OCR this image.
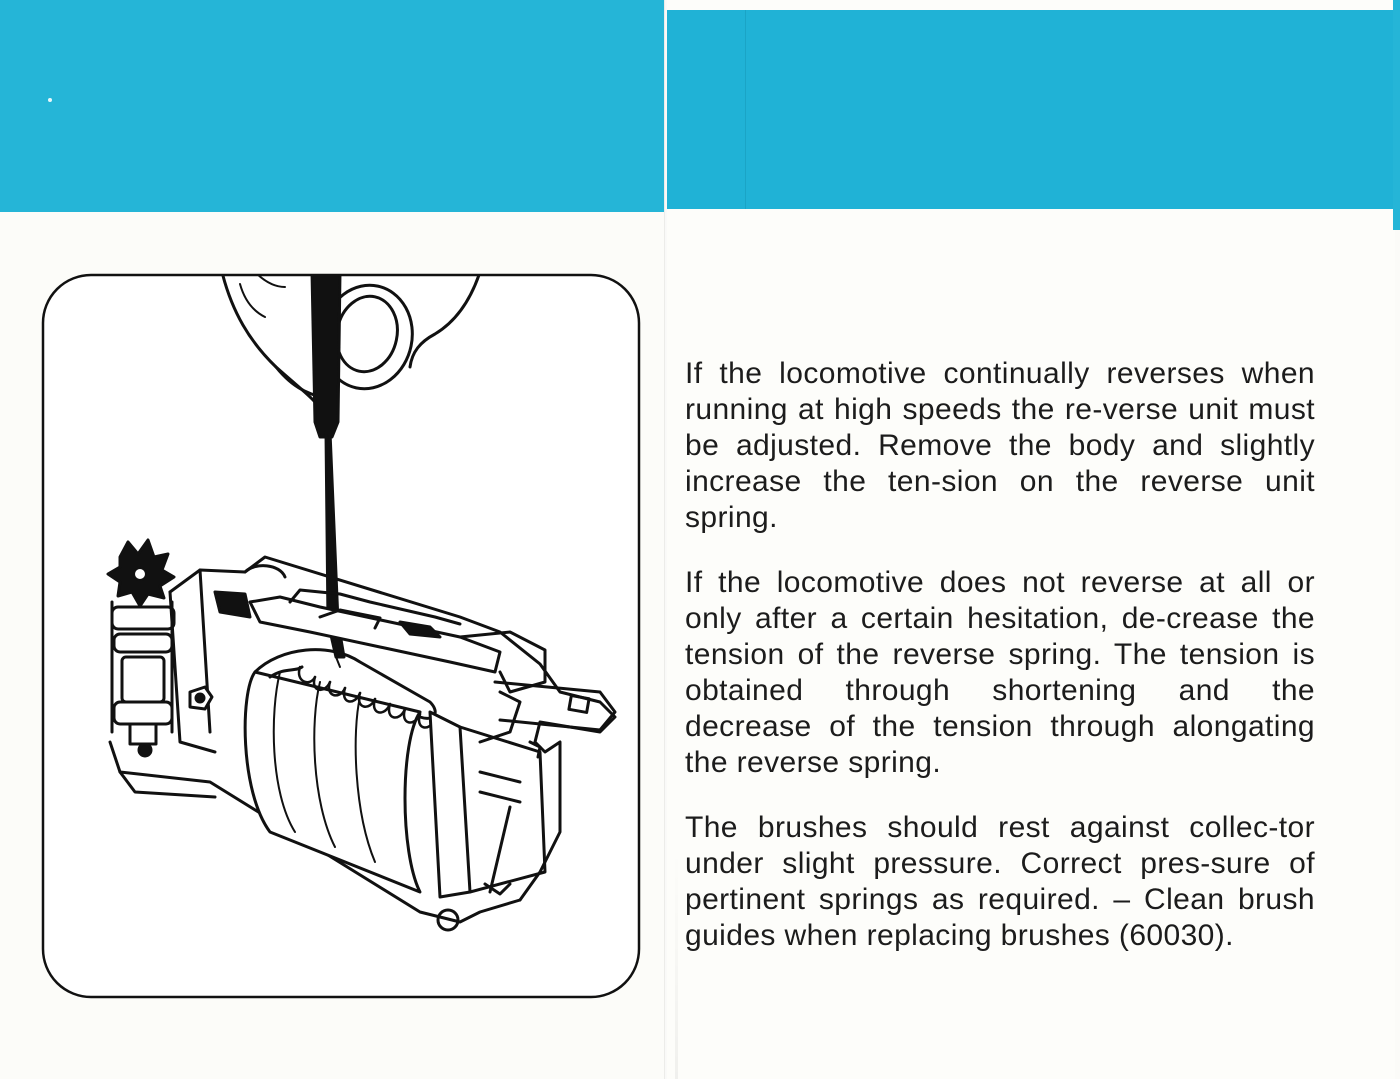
If the locomotive continually reverses when running at high speeds the re-verse unit must be adjusted. Remove the body and slightly increase the ten-sion on the reverse unit spring.

If the locomotive does not reverse at all or only after a certain hesitation, de-crease the tension of the reverse spring. The tension is obtained through shortening and the decrease of the tension through alongating the reverse spring.

The brushes should rest against collec-tor under slight pressure. Correct pres-sure of pertinent springs as required. – Clean brush guides when replacing brushes (60030).
